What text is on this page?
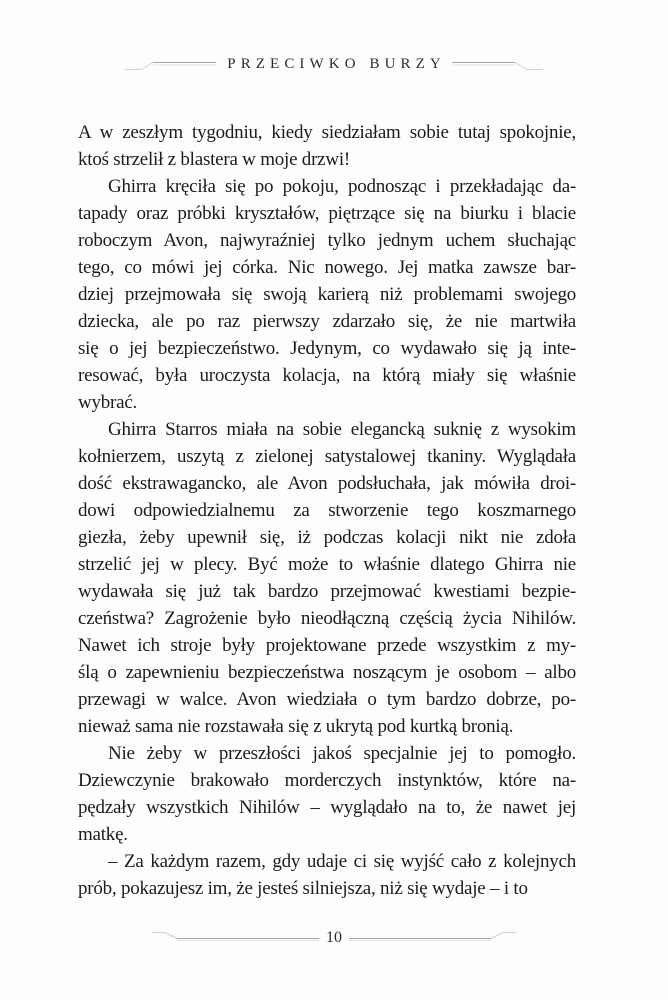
PRZECIWKO BURZY
A w zeszłym tygodniu, kiedy siedziałam sobie tutaj spokojnie,
ktoś strzelił z blastera w moje drzwi!
Ghirra kręciła się po pokoju, podnosząc i przekładając da-
tapady oraz próbki kryształów, piętrzące się na biurku i blacie
roboczym Avon, najwyraźniej tylko jednym uchem słuchając
tego, co mówi jej córka. Nic nowego. Jej matka zawsze bar-
dziej przejmowała się swoją karierą niż problemami swojego
dziecka, ale po raz pierwszy zdarzało się, że nie martwiła
się o jej bezpieczeństwo. Jedynym, co wydawało się ją inte-
resować, była uroczysta kolacja, na którą miały się właśnie
wybrać.
Ghirra Starros miała na sobie elegancką suknię z wysokim
kołnierzem, uszytą z zielonej satystalowej tkaniny. Wyglądała
dość ekstrawagancko, ale Avon podsłuchała, jak mówiła droi-
dowi odpowiedzialnemu za stworzenie tego koszmarnego
giezła, żeby upewnił się, iż podczas kolacji nikt nie zdoła
strzelić jej w plecy. Być może to właśnie dlatego Ghirra nie
wydawała się już tak bardzo przejmować kwestiami bezpie-
czeństwa? Zagrożenie było nieodłączną częścią życia Nihilów.
Nawet ich stroje były projektowane przede wszystkim z my-
ślą o zapewnieniu bezpieczeństwa noszącym je osobom – albo
przewagi w walce. Avon wiedziała o tym bardzo dobrze, po-
nieważ sama nie rozstawała się z ukrytą pod kurtką bronią.
Nie żeby w przeszłości jakoś specjalnie jej to pomogło.
Dziewczynie brakowało morderczych instynktów, które na-
pędzały wszystkich Nihilów – wyglądało na to, że nawet jej
matkę.
– Za każdym razem, gdy udaje ci się wyjść cało z kolejnych
prób, pokazujesz im, że jesteś silniejsza, niż się wydaje – i to
10
